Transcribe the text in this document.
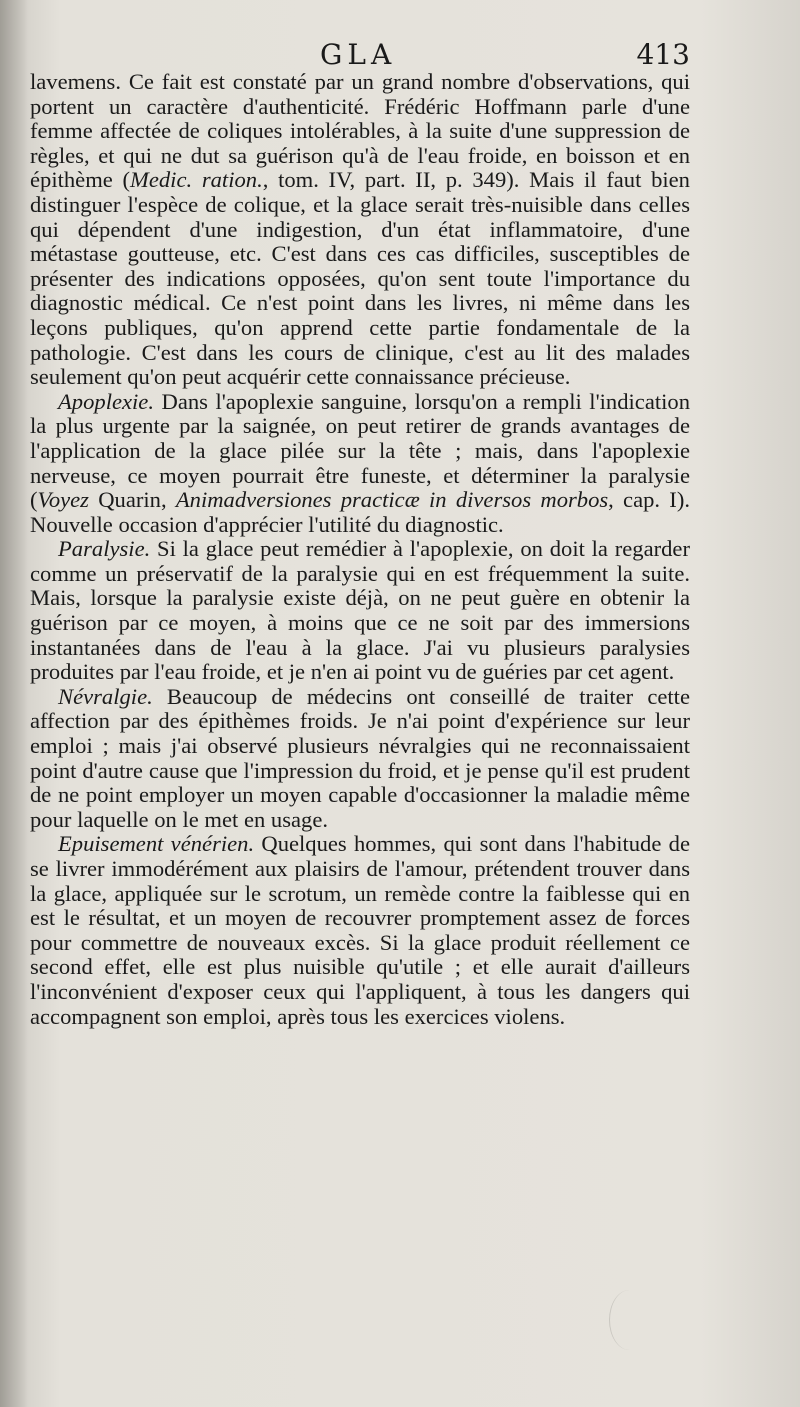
GLA	413
lavemens. Ce fait est constaté par un grand nombre d'observations, qui portent un caractère d'authenticité. Frédéric Hoffmann parle d'une femme affectée de coliques intolérables, à la suite d'une suppression de règles, et qui ne dut sa guérison qu'à de l'eau froide, en boisson et en épithème (Medic. ration., tom. IV, part. II, p. 349). Mais il faut bien distinguer l'espèce de colique, et la glace serait très-nuisible dans celles qui dépendent d'une indigestion, d'un état inflammatoire, d'une métastase goutteuse, etc. C'est dans ces cas difficiles, susceptibles de présenter des indications opposées, qu'on sent toute l'importance du diagnostic médical. Ce n'est point dans les livres, ni même dans les leçons publiques, qu'on apprend cette partie fondamentale de la pathologie. C'est dans les cours de clinique, c'est au lit des malades seulement qu'on peut acquérir cette connaissance précieuse.
Apoplexie. Dans l'apoplexie sanguine, lorsqu'on a rempli l'indication la plus urgente par la saignée, on peut retirer de grands avantages de l'application de la glace pilée sur la tête ; mais, dans l'apoplexie nerveuse, ce moyen pourrait être funeste, et déterminer la paralysie (Voyez Quarin, Animadversiones practicæ in diversos morbos, cap. I). Nouvelle occasion d'apprécier l'utilité du diagnostic.
Paralysie. Si la glace peut remédier à l'apoplexie, on doit la regarder comme un préservatif de la paralysie qui en est fréquemment la suite. Mais, lorsque la paralysie existe déjà, on ne peut guère en obtenir la guérison par ce moyen, à moins que ce ne soit par des immersions instantanées dans de l'eau à la glace. J'ai vu plusieurs paralysies produites par l'eau froide, et je n'en ai point vu de guéries par cet agent.
Névralgie. Beaucoup de médecins ont conseillé de traiter cette affection par des épithèmes froids. Je n'ai point d'expérience sur leur emploi ; mais j'ai observé plusieurs névralgies qui ne reconnaissaient point d'autre cause que l'impression du froid, et je pense qu'il est prudent de ne point employer un moyen capable d'occasionner la maladie même pour laquelle on le met en usage.
Epuisement vénérien. Quelques hommes, qui sont dans l'habitude de se livrer immodérément aux plaisirs de l'amour, prétendent trouver dans la glace, appliquée sur le scrotum, un remède contre la faiblesse qui en est le résultat, et un moyen de recouvrer promptement assez de forces pour commettre de nouveaux excès. Si la glace produit réellement ce second effet, elle est plus nuisible qu'utile ; et elle aurait d'ailleurs l'inconvénient d'exposer ceux qui l'appliquent, à tous les dangers qui accompagnent son emploi, après tous les exercices violens.
